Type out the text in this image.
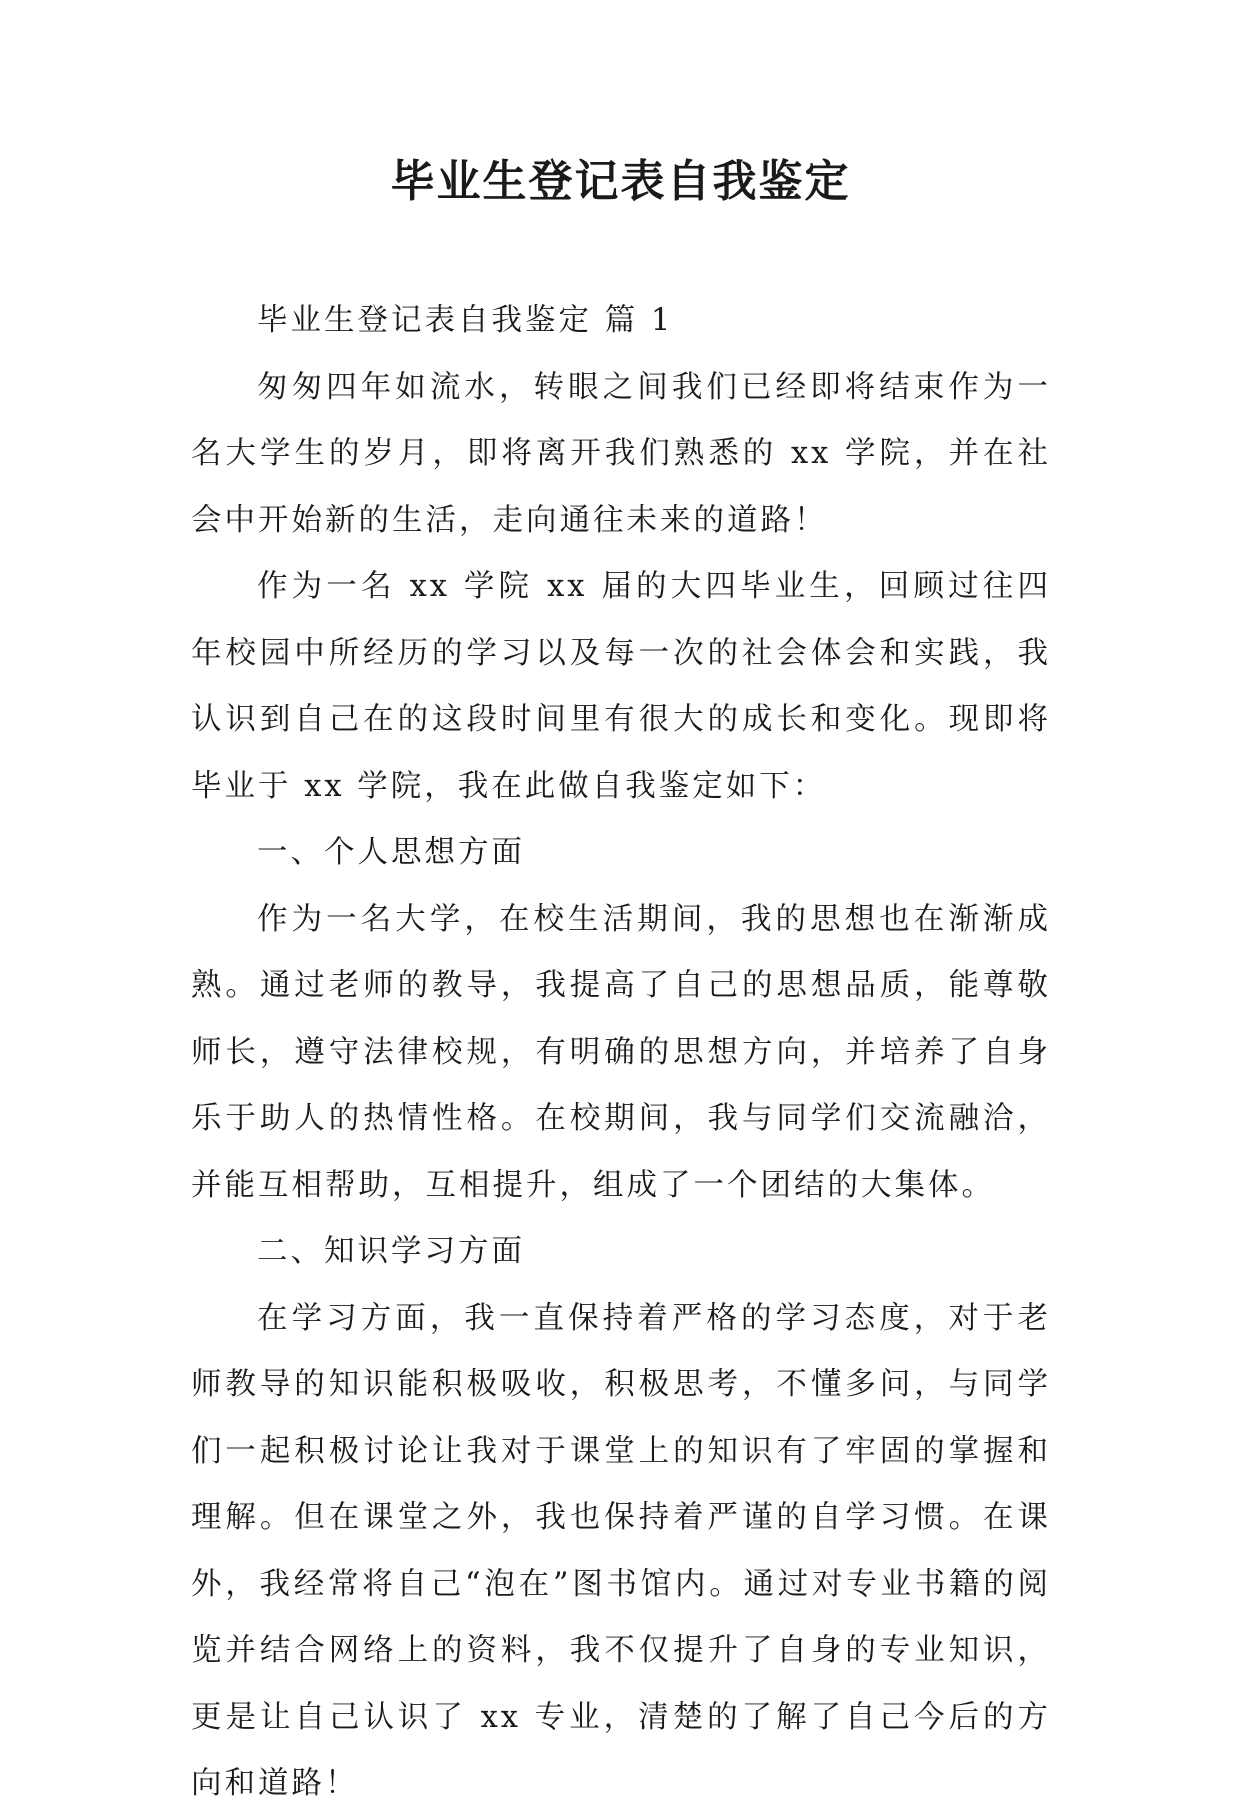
毕业生登记表自我鉴定

毕业生登记表自我鉴定 篇 1

匆匆四年如流水，转眼之间我们已经即将结束作为一名大学生的岁月，即将离开我们熟悉的 xx 学院，并在社会中开始新的生活，走向通往未来的道路！

作为一名 xx 学院 xx 届的大四毕业生，回顾过往四年校园中所经历的学习以及每一次的社会体会和实践，我认识到自己在的这段时间里有很大的成长和变化。现即将毕业于 xx 学院，我在此做自我鉴定如下：

一、个人思想方面

作为一名大学，在校生活期间，我的思想也在渐渐成熟。通过老师的教导，我提高了自己的思想品质，能尊敬师长，遵守法律校规，有明确的思想方向，并培养了自身乐于助人的热情性格。在校期间，我与同学们交流融洽，并能互相帮助，互相提升，组成了一个团结的大集体。

二、知识学习方面

在学习方面，我一直保持着严格的学习态度，对于老师教导的知识能积极吸收，积极思考，不懂多问，与同学们一起积极讨论让我对于课堂上的知识有了牢固的掌握和理解。但在课堂之外，我也保持着严谨的自学习惯。在课外，我经常将自己“泡在”图书馆内。通过对专业书籍的阅览并结合网络上的资料，我不仅提升了自身的专业知识，更是让自己认识了 xx 专业，清楚的了解了自己今后的方向和道路！
